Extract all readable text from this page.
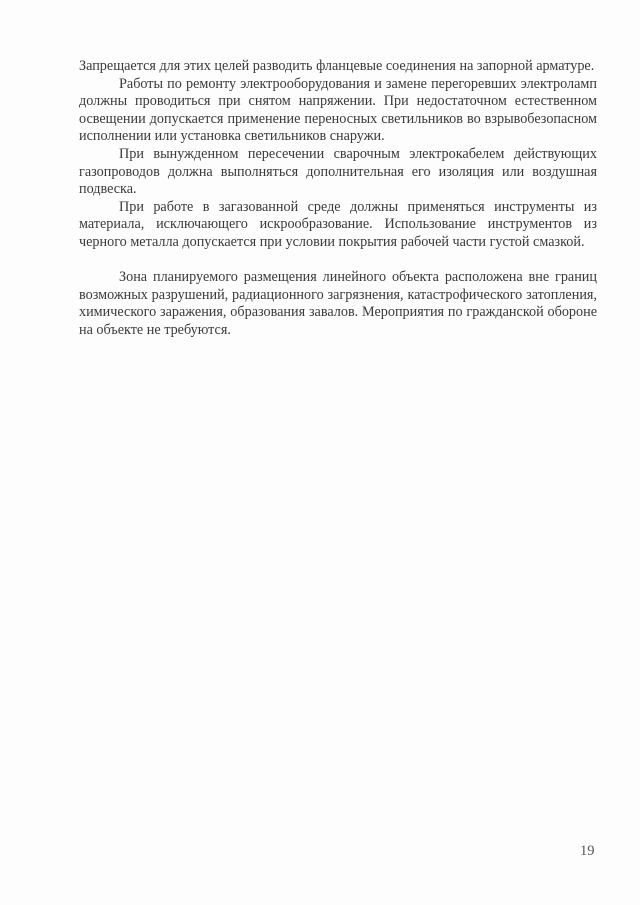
Запрещается для этих целей разводить фланцевые соединения на запорной арматуре.

Работы по ремонту электрооборудования и замене перегоревших электроламп должны проводиться при снятом напряжении. При недостаточном естественном освещении допускается применение переносных светильников во взрывобезопасном исполнении или установка светильников снаружи.

При вынужденном пересечении сварочным электрокабелем действующих газопроводов должна выполняться дополнительная его изоляция или воздушная подвеска.

При работе в загазованной среде должны применяться инструменты из материала, исключающего искрообразование. Использование инструментов из черного металла допускается при условии покрытия рабочей части густой смазкой.

Зона планируемого размещения линейного объекта расположена вне границ возможных разрушений, радиационного загрязнения, катастрофического затопления, химического заражения, образования завалов. Мероприятия по гражданской обороне на объекте не требуются.

19
